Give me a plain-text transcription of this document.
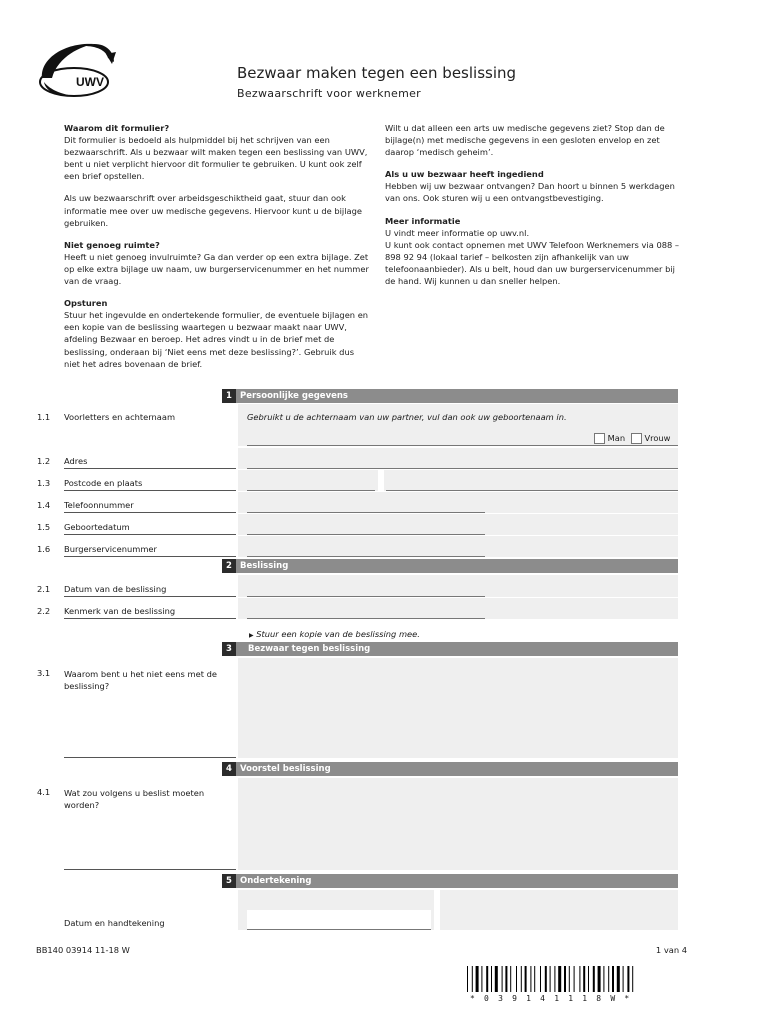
UWV	Bezwaar maken tegen een beslissing
Bezwaarschrift voor werknemer

Waarom dit formulier?
Dit formulier is bedoeld als hulpmiddel bij het schrijven van een bezwaarschrift. Als u bezwaar wilt maken tegen een beslissing van UWV, bent u niet verplicht hiervoor dit formulier te gebruiken. U kunt ook zelf een brief opstellen.

Als uw bezwaarschrift over arbeidsgeschiktheid gaat, stuur dan ook informatie mee over uw medische gegevens. Hiervoor kunt u de bijlage gebruiken.

Niet genoeg ruimte?
Heeft u niet genoeg invulruimte? Ga dan verder op een extra bijlage. Zet op elke extra bijlage uw naam, uw burgerservicenummer en het nummer van de vraag.

Opsturen
Stuur het ingevulde en ondertekende formulier, de eventuele bijlagen en een kopie van de beslissing waartegen u bezwaar maakt naar UWV, afdeling Bezwaar en beroep. Het adres vindt u in de brief met de beslissing, onderaan bij ‘Niet eens met deze beslissing?’. Gebruik dus niet het adres bovenaan de brief.

Wilt u dat alleen een arts uw medische gegevens ziet? Stop dan de bijlage(n) met medische gegevens in een gesloten envelop en zet daarop ‘medisch geheim’.

Als u uw bezwaar heeft ingediend
Hebben wij uw bezwaar ontvangen? Dan hoort u binnen 5 werkdagen van ons. Ook sturen wij u een ontvangstbevestiging.

Meer informatie
U vindt meer informatie op uwv.nl.
U kunt ook contact opnemen met UWV Telefoon Werknemers via 088 – 898 92 94 (lokaal tarief – belkosten zijn afhankelijk van uw telefoonaanbieder). Als u belt, houd dan uw burgerservicenummer bij de hand. Wij kunnen u dan sneller helpen.

1 Persoonlijke gegevens
1.1 Voorletters en achternaam	Gebruikt u de achternaam van uw partner, vul dan ook uw geboortenaam in.
Man Vrouw
1.2 Adres
1.3 Postcode en plaats
1.4 Telefoonnummer
1.5 Geboortedatum
1.6 Burgerservicenummer
2 Beslissing
2.1 Datum van de beslissing
2.2 Kenmerk van de beslissing
▶ Stuur een kopie van de beslissing mee.
3	Bezwaar tegen beslissing
3.1 Waarom bent u het niet eens met de beslissing?
4 Voorstel beslissing
4.1 Wat zou volgens u beslist moeten worden?
5 Ondertekening
Datum en handtekening
BB140 03914 11-18 W	1 van 4
* 0 3 9 1 4 1 1 1 8 W *
